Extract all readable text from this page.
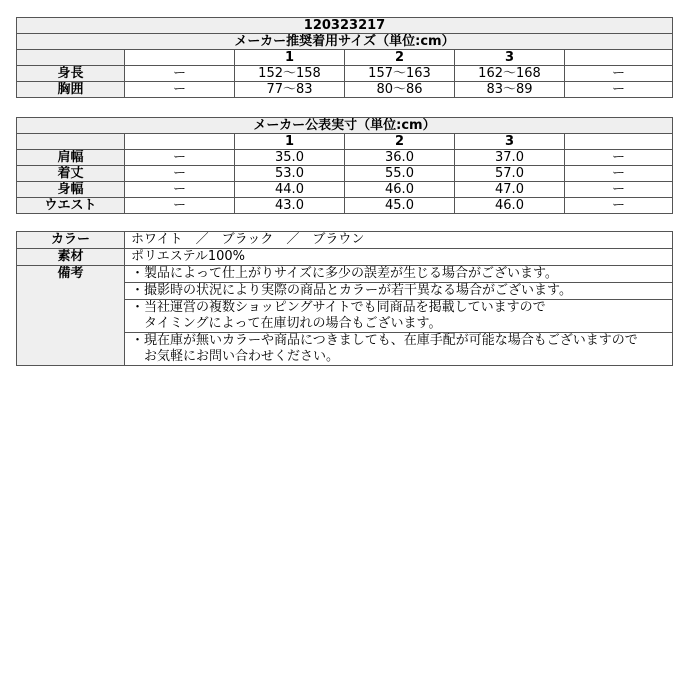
120323217					
メーカー推奨着用サイズ（単位:cm）					
		1	2	3	
身長	ー	152〜158	157〜163	162〜168	ー
胸囲	ー	77〜83	80〜86	83〜89	ー
メーカー公表実寸（単位:cm）					
		1	2	3	
肩幅	ー	35.0	36.0	37.0	ー
着丈	ー	53.0	55.0	57.0	ー
身幅	ー	44.0	46.0	47.0	ー
ウエスト	ー	43.0	45.0	46.0	ー
カラー	ホワイト　／　ブラック　／　ブラウン
素材	ポリエステル100%
備考	・製品によって仕上がりサイズに多少の誤差が生じる場合がございます。

	・撮影時の状況により実際の商品とカラーが若干異なる場合がございます。

	・当社運営の複数ショッピングサイトでも同商品を掲載していますので
　タイミングによって在庫切れの場合もございます。

	・現在庫が無いカラーや商品につきましても、在庫手配が可能な場合もございますので
　お気軽にお問い合わせください。
